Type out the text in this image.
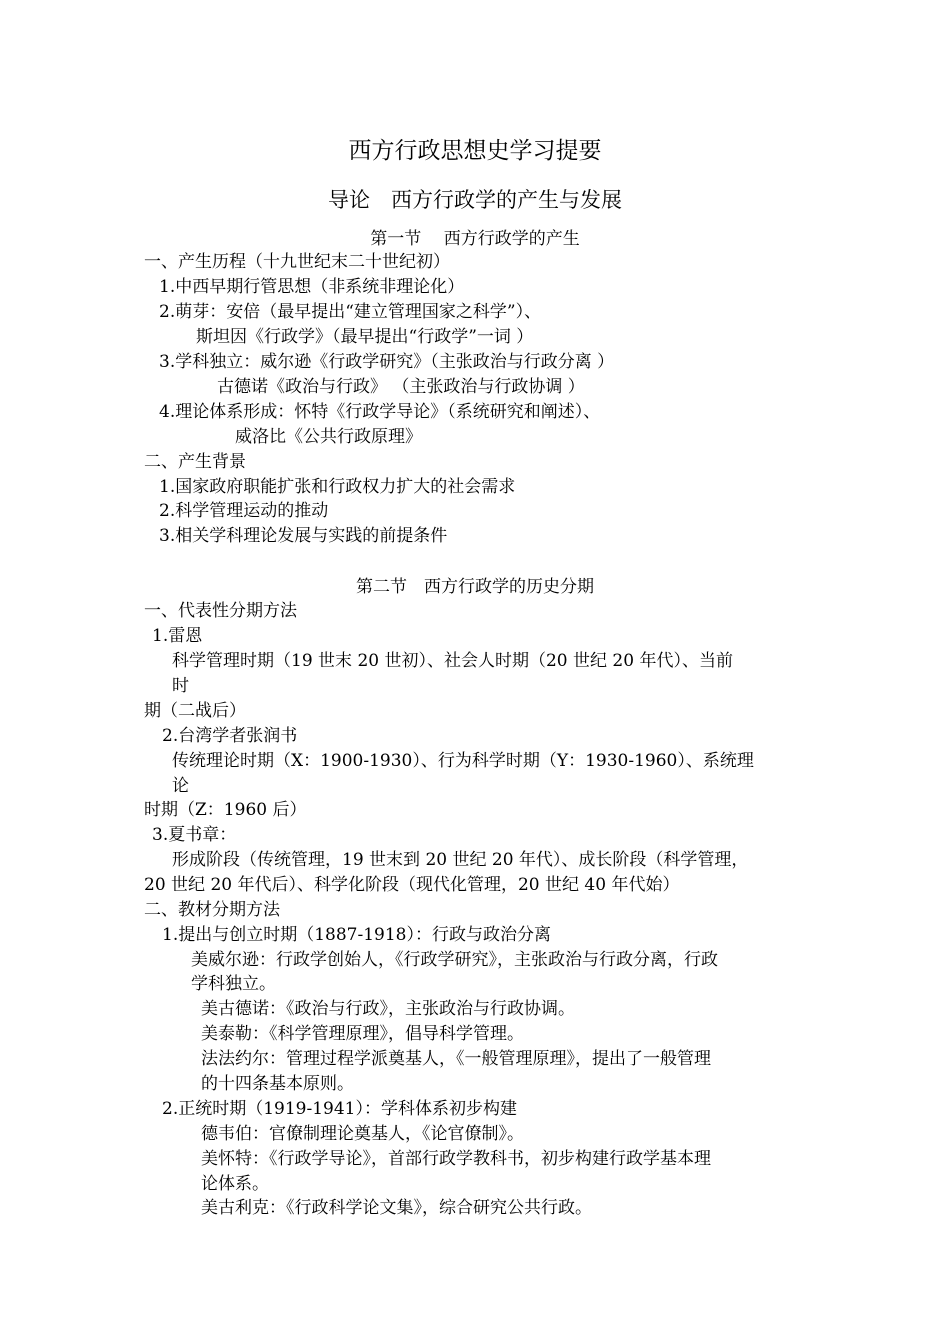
西方行政思想史学习提要
导论　西方行政学的产生与发展
第一节　 西方行政学的产生
一、产生历程（十九世纪末二十世纪初）
1.中西早期行管思想（非系统非理论化）
2.萌芽：安倍（最早提出“建立管理国家之科学”）、
斯坦因《行政学》（最早提出“行政学”一词 ）
3.学科独立：威尔逊《行政学研究》（主张政治与行政分离 ）
古德诺《政治与行政》 （主张政治与行政协调 ）
4.理论体系形成：怀特《行政学导论》（系统研究和阐述）、
威洛比《公共行政原理》
二、产生背景
1.国家政府职能扩张和行政权力扩大的社会需求
2.科学管理运动的推动
3.相关学科理论发展与实践的前提条件
第二节　西方行政学的历史分期
一、代表性分期方法
1.雷恩
科学管理时期（19 世末 20 世初）、社会人时期（20 世纪 20 年代）、当前
时
期（二战后）
2.台湾学者张润书
传统理论时期（X：1900-1930）、行为科学时期（Y：1930-1960）、系统理
论
时期（Z：1960 后）
3.夏书章：
形成阶段（传统管理，19 世末到 20 世纪 20 年代）、成长阶段（科学管理，
20 世纪 20 年代后）、科学化阶段（现代化管理，20 世纪 40 年代始）
二、教材分期方法
1.提出与创立时期（1887-1918）：行政与政治分离
美威尔逊：行政学创始人，《行政学研究》，主张政治与行政分离，行政
学科独立。
美古德诺：《政治与行政》，主张政治与行政协调。
美泰勒：《科学管理原理》，倡导科学管理。
法法约尔：管理过程学派奠基人，《一般管理原理》，提出了一般管理
的十四条基本原则。
2.正统时期（1919-1941）：学科体系初步构建
德韦伯：官僚制理论奠基人，《论官僚制》。
美怀特：《行政学导论》，首部行政学教科书，初步构建行政学基本理
论体系。
美古利克：《行政科学论文集》，综合研究公共行政。
